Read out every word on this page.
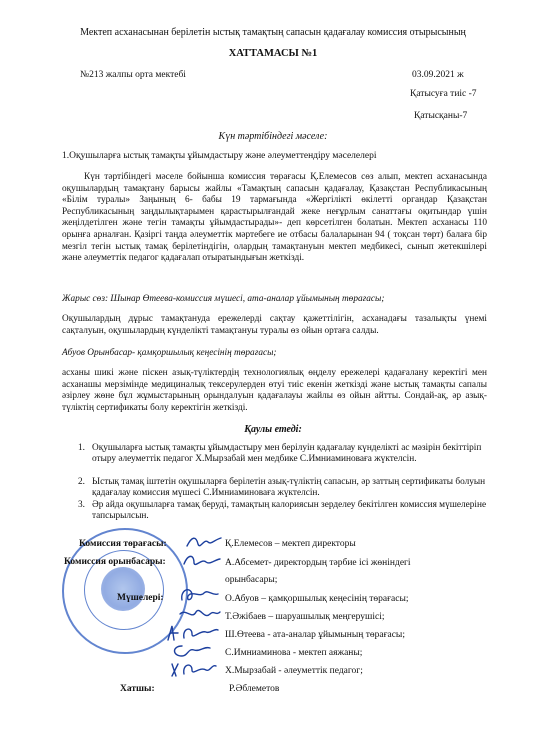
Мектеп асханасынан берілетін ыстық тамақтың сапасын қадағалау комиссия отырысының
ХАТТАМАСЫ №1
№213 жалпы орта мектебі	03.09.2021 ж
Қатысуға тиіс -7
Қатысқаны-7
Күн тәртібіндегі мәселе:
1.Оқушыларға ыстық тамақты ұйымдастыру және әлеуметтендіру мәселелері
Күн тәртібіндегі мәселе бойынша комиссия төрағасы Қ.Елемесов сөз алып, мектеп асханасында оқушылардың тамақтану барысы жайлы «Тамақтың сапасын қадағалау, Қазақстан Республикасының «Білім туралы» Заңының 6- бабы 19 тармағында «Жергілікті өкілетті органдар Қазақстан Республикасының заңдылықтарымен қарастырылғандай жеке неғұрлым санаттағы оқитындар үшін жеңілдетілген және тегін тамақты ұйымдастырады»- деп көрсетілген болатын. Мектеп асханасы 110 орынға арналған. Қазіргі таңда әлеуметтік мәртебеге ие отбасы балаларынан 94 ( тоқсан төрт) балаға бір мезгіл тегін ыстық тамақ берілетіндігін, олардың тамақтануын мектеп медбикесі, сынып жетекшілері және әлеуметтік педагог қадағалап отыратындығын жеткізді.
Жарыс сөз: Шынар Өтеева-комиссия мүшесі, ата-аналар ұйымының төрағасы;
Оқушылардың дұрыс тамақтануда ережелерді сақтау қажеттілігін, асханадағы тазалықты үнемі сақталуын, оқушылардың күнделікті тамақтануы туралы өз ойын ортаға салды.
Абуов Орынбасар- қамқоршылық кеңесінің төрағасы;
асханы шикі және піскен азық-түліктердің технологиялық өңделу ережелері қадағалану керектігі мен асханашы мерзімінде медициналық тексерулерден өтуі тиіс екенін жеткізді және ыстық тамақты сапалы әзірлеу жөне бұл жұмыстарының орындалуын қадағалауы жайлы өз ойын айтты. Сондай-ақ, әр азық-түліктің сертификаты болу керектігін жеткізді.
Қаулы етеді:
1. Оқушыларға ыстық тамақты ұйымдастыру мен берілуін қадағалау күнделікті ас мәзірін бекіттіріп отыру әлеуметтік педагог Х.Мырзабай мен медбике С.Имниаминоваға жүктелсін.
2. Ыстық тамақ іштетін оқушыларға берілетін азық-түліктің сапасын, әр заттың сертификаты болуын қадағалау комиссия мүшесі С.Имниаминоваға жүктелсін.
3. Әр айда оқушыларға тамақ беруді, тамақтың калориясын зерделеу бекітілген комиссия мүшелеріне тапсырылсын.
Комиссия төрағасы:	Қ.Елемесов – мектеп директоры
Комиссия орынбасары:	А.Абсемет- директордың тәрбие ісі жөніндегі
орынбасары;
Мүшелері:	О.Абуов – қамқоршылық кеңесінің төрағасы;
Т.Әжібаев – шаруашылық меңгерушісі;
Ш.Өтеева - ата-аналар ұйымының төрағасы;
С.Имниаминова - мектеп аяжаны;
Х.Мырзабай - әлеуметтік педагог;
Хатшы:	Р.Әблеметов
